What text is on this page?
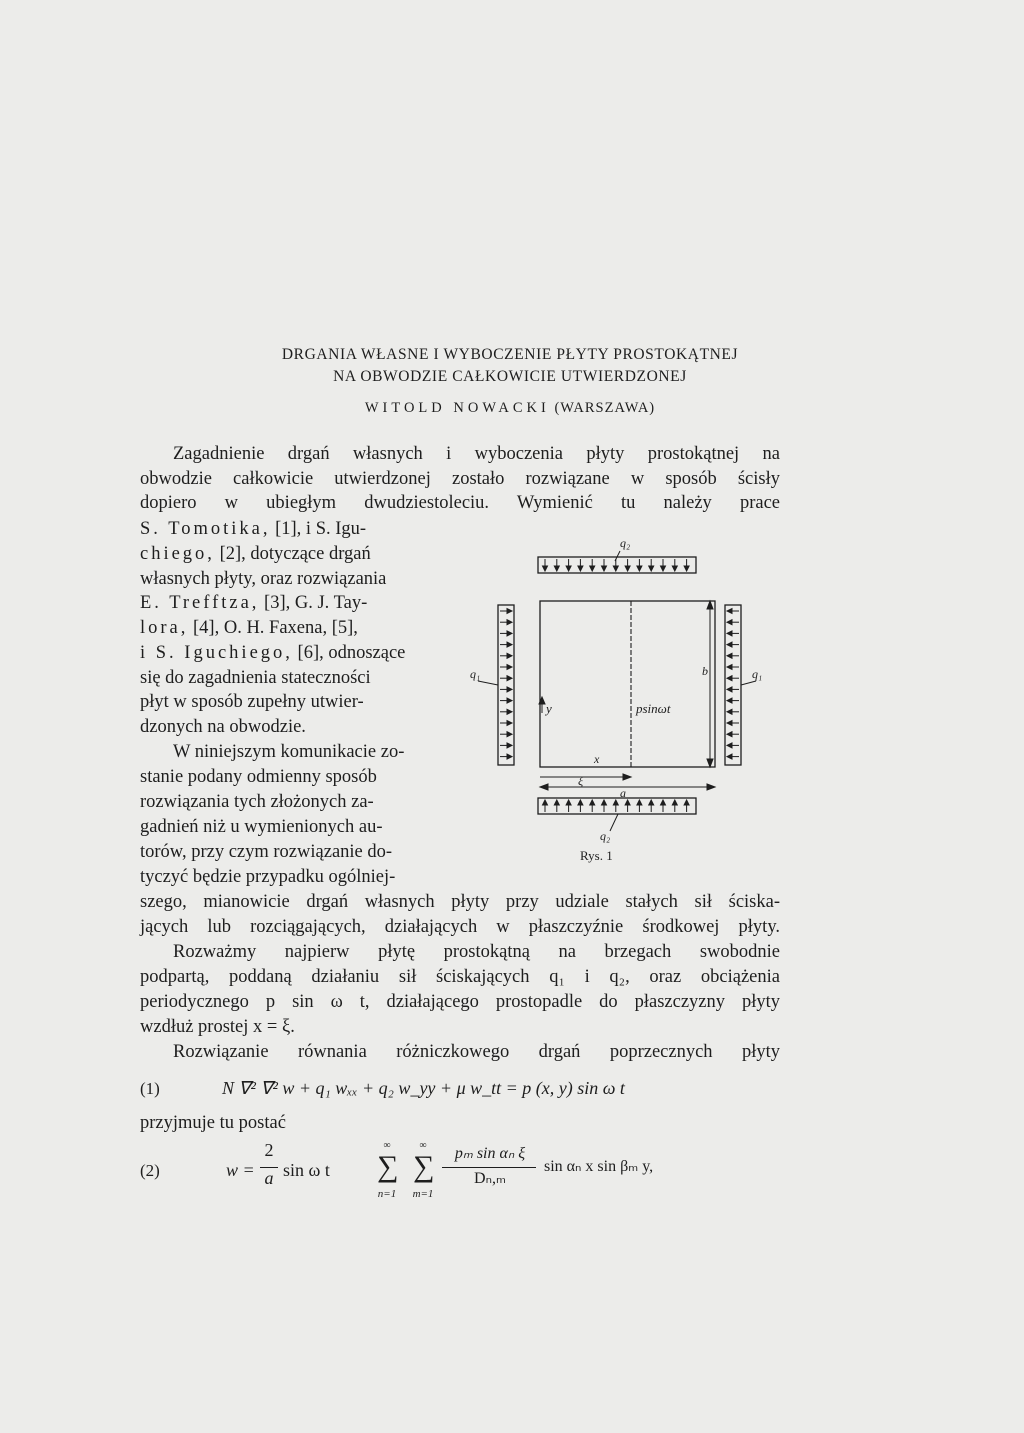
DRGANIA WŁASNE I WYBOCZENIE PŁYTY PROSTOKĄTNEJ
NA OBWODZIE CAŁKOWICIE UTWIERDZONEJ
WITOLD NOWACKI (WARSZAWA)
Zagadnienie drgań własnych i wyboczenia płyty prostokątnej na
obwodzie całkowicie utwierdzonej zostało rozwiązane w sposób ścisły
dopiero w ubiegłym dwudziestoleciu. Wymienić tu należy prace
S. Tomotika, [1], i S. Igu-
chiego, [2], dotyczące drgań
własnych płyty, oraz rozwiązania
E. Trefftza, [3], G. J. Tay-
lora, [4], O. H. Faxena, [5],
i S. Iguchiego, [6], odnoszące
się do zagadnienia stateczności
płyt w sposób zupełny utwier-
dzonych na obwodzie.
W niniejszym komunikacie zo-
stanie podany odmienny sposób
rozwiązania tych złożonych za-
gadnień niż u wymienionych au-
torów, przy czym rozwiązanie do-
tyczyć będzie przypadku ogólniej-
szego, mianowicie drgań własnych płyty przy udziale stałych sił ściska-
jących lub rozciągających, działających w płaszczyźnie środkowej płyty.
Rozważmy najpierw płytę prostokątną na brzegach swobodnie
podpartą, poddaną działaniu sił ściskających q₁ i q₂, oraz obciążenia
periodycznego p sin ω t, działającego prostopadle do płaszczyzny płyty
wzdłuż prostej x = ξ.
Rozwiązanie równania różniczkowego drgań poprzecznych płyty
(1)	N ∇² ∇² w + q₁ wₓₓ + q₂ w_yy + μ w_tt = p (x, y) sin ω t
przyjmuje tu postać
(2)	w =
2
a sin ω t
∞
∑
n=1
∞
∑
m=1
pₘ sin αₙ ξ
Dₙ,ₘ
sin αₙ x sin βₘ y,
q₂
q₂
q₁	q₁
y
b
x
ξ
a
psinωt
Rys. 1
